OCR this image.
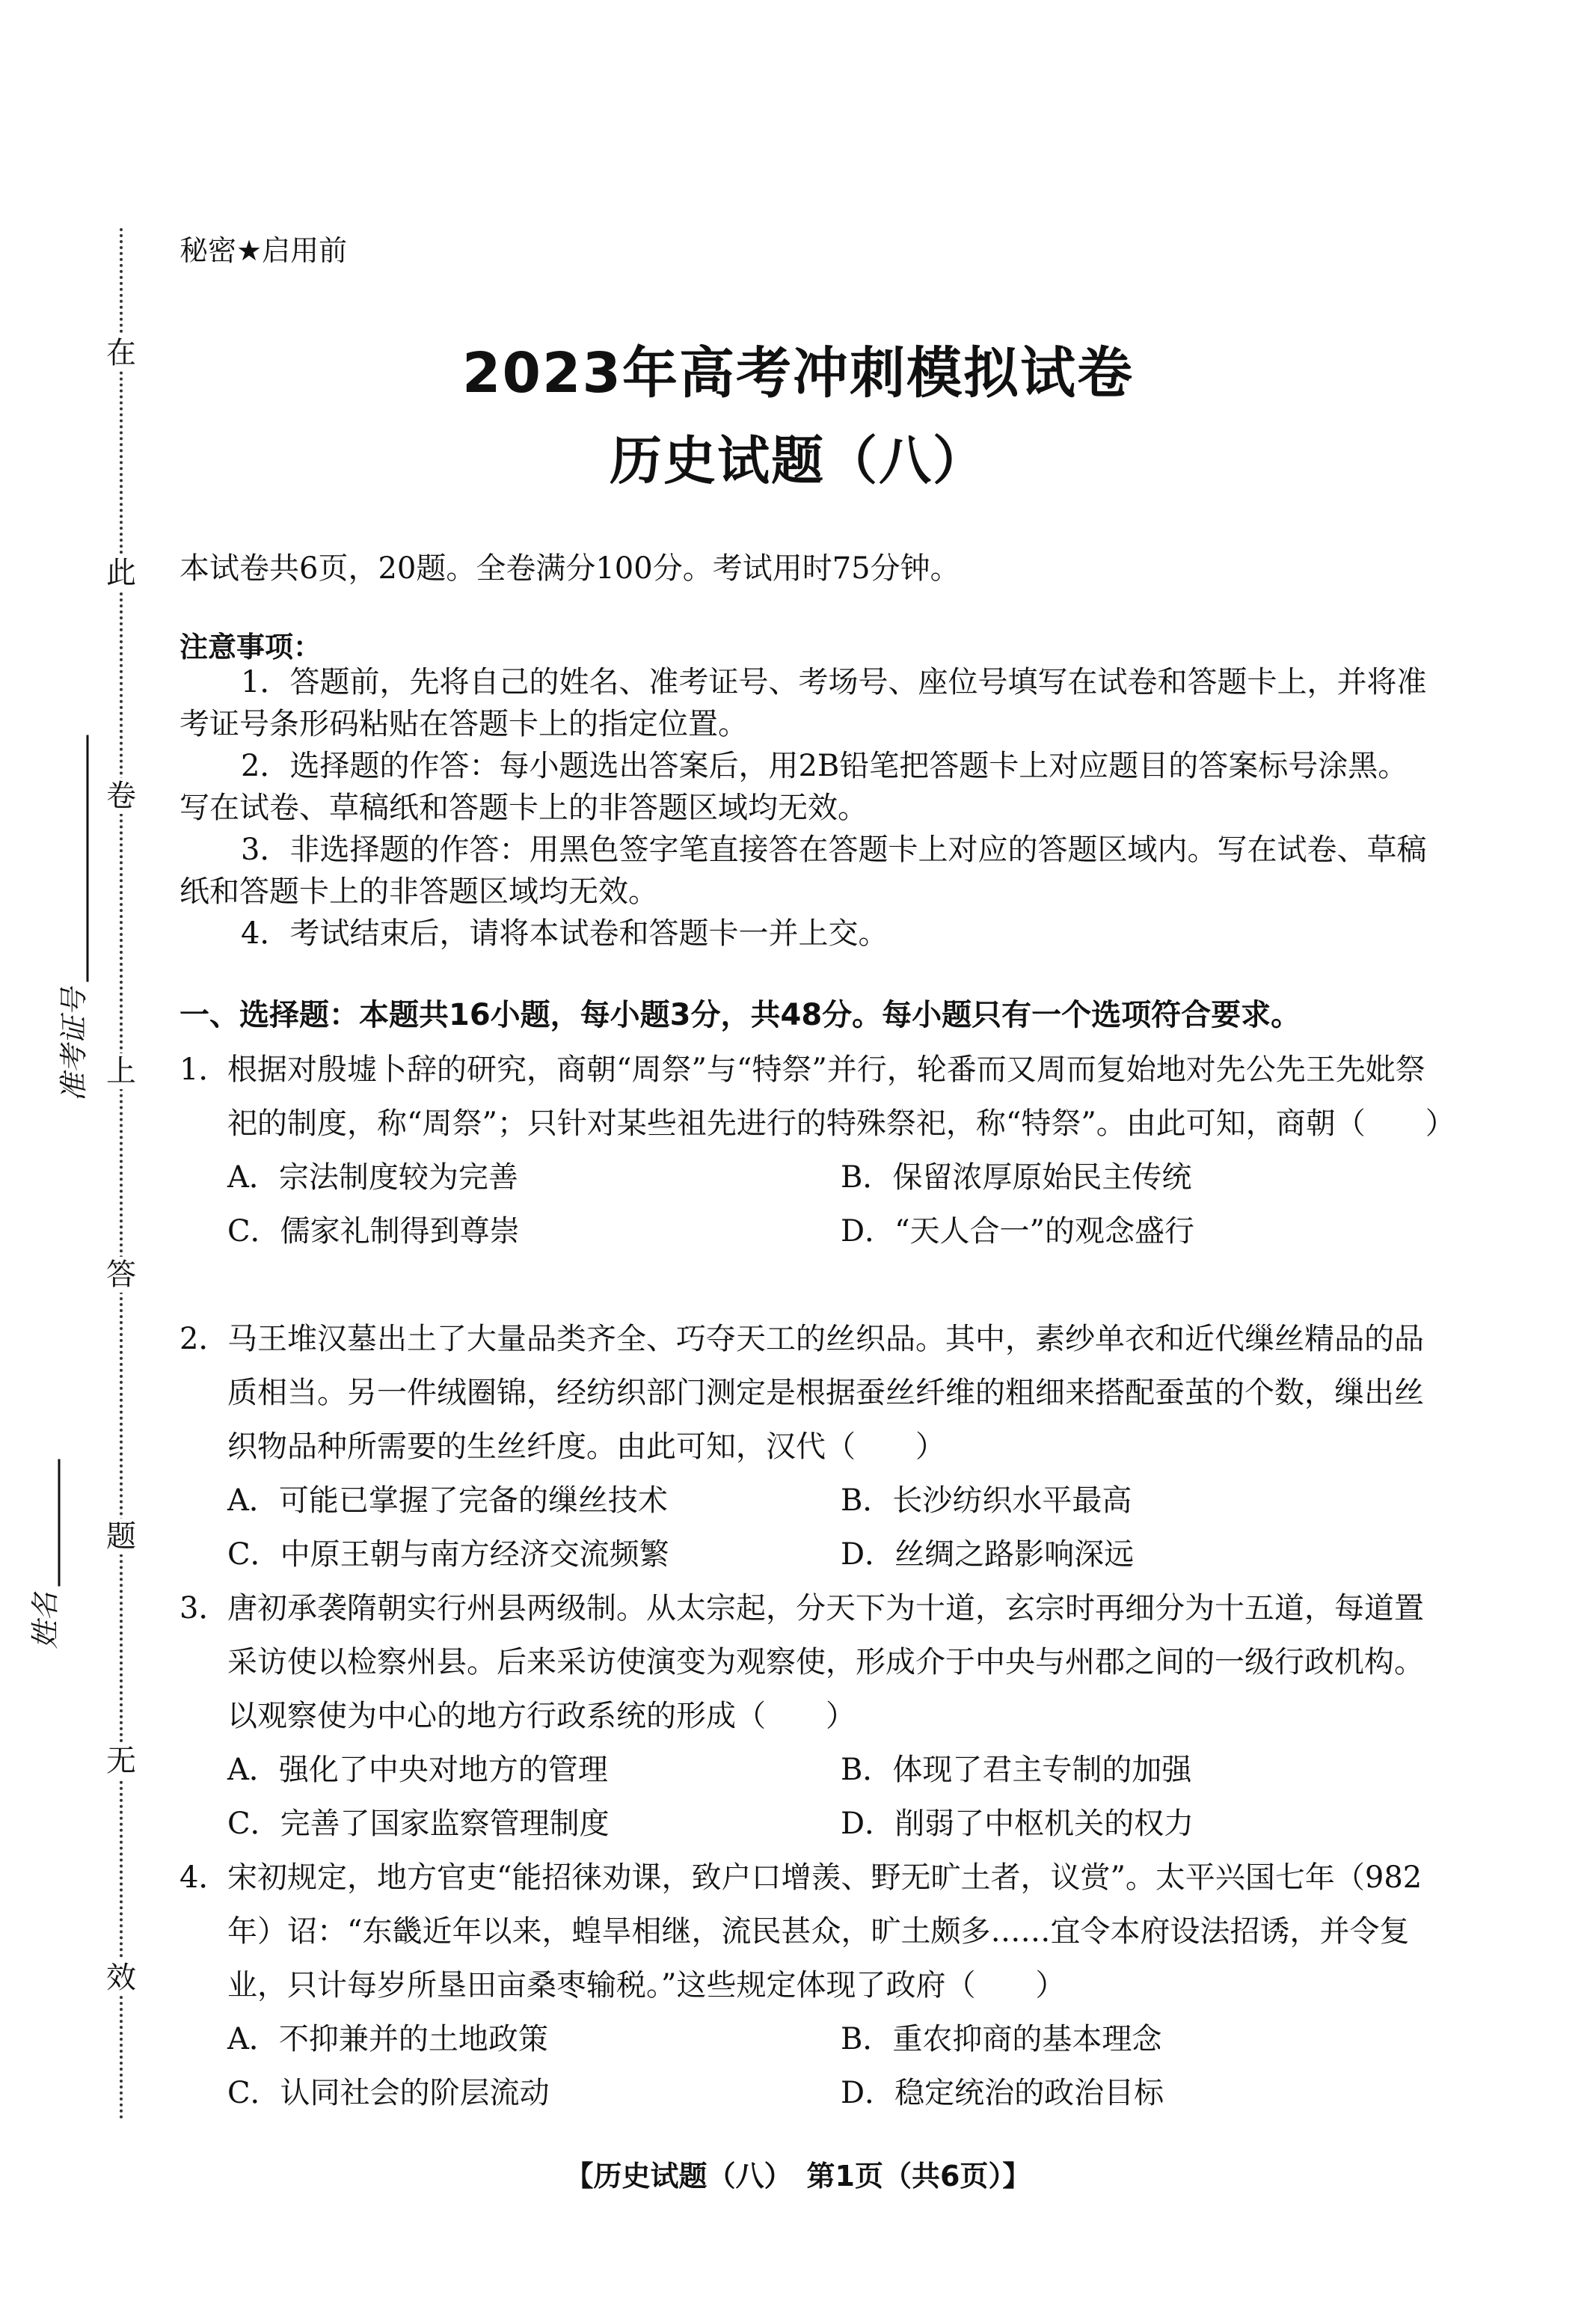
在
此
卷
上
答
题
无
效
准考证号
姓名
秘密★启用前
2023年高考冲刺模拟试卷
历史试题（八）
本试卷共6页，20题。全卷满分100分。考试用时75分钟。
注意事项：

1．答题前，先将自己的姓名、准考证号、考场号、座位号填写在试卷和答题卡上，并将准考证号条形码粘贴在答题卡上的指定位置。

2．选择题的作答：每小题选出答案后，用2B铅笔把答题卡上对应题目的答案标号涂黑。写在试卷、草稿纸和答题卡上的非答题区域均无效。

3．非选择题的作答：用黑色签字笔直接答在答题卡上对应的答题区域内。写在试卷、草稿纸和答题卡上的非答题区域均无效。

4．考试结束后，请将本试卷和答题卡一并上交。

一、选择题：本题共16小题，每小题3分，共48分。每小题只有一个选项符合要求。
1．根据对殷墟卜辞的研究，商朝“周祭”与“特祭”并行，轮番而又周而复始地对先公先王先妣祭祀的制度，称“周祭”；只针对某些祖先进行的特殊祭祀，称“特祭”。由此可知，商朝（　　）
A．宗法制度较为完善	B．保留浓厚原始民主传统
C．儒家礼制得到尊崇	D．“天人合一”的观念盛行
2．马王堆汉墓出土了大量品类齐全、巧夺天工的丝织品。其中，素纱单衣和近代缫丝精品的品质相当。另一件绒圈锦，经纺织部门测定是根据蚕丝纤维的粗细来搭配蚕茧的个数，缫出丝织物品种所需要的生丝纤度。由此可知，汉代（　　）
A．可能已掌握了完备的缫丝技术	B．长沙纺织水平最高
C．中原王朝与南方经济交流频繁	D．丝绸之路影响深远
3．唐初承袭隋朝实行州县两级制。从太宗起，分天下为十道，玄宗时再细分为十五道，每道置采访使以检察州县。后来采访使演变为观察使，形成介于中央与州郡之间的一级行政机构。以观察使为中心的地方行政系统的形成（　　）
A．强化了中央对地方的管理	B．体现了君主专制的加强
C．完善了国家监察管理制度	D．削弱了中枢机关的权力
4．宋初规定，地方官吏“能招徕劝课，致户口增羡、野无旷土者，议赏”。太平兴国七年（982年）诏：“东畿近年以来，蝗旱相继，流民甚众，旷土颇多……宜令本府设法招诱，并令复业，只计每岁所垦田亩桑枣输税。”这些规定体现了政府（　　）
A．不抑兼并的土地政策	B．重农抑商的基本理念
C．认同社会的阶层流动	D．稳定统治的政治目标
【历史试题（八）　第1页（共6页）】
